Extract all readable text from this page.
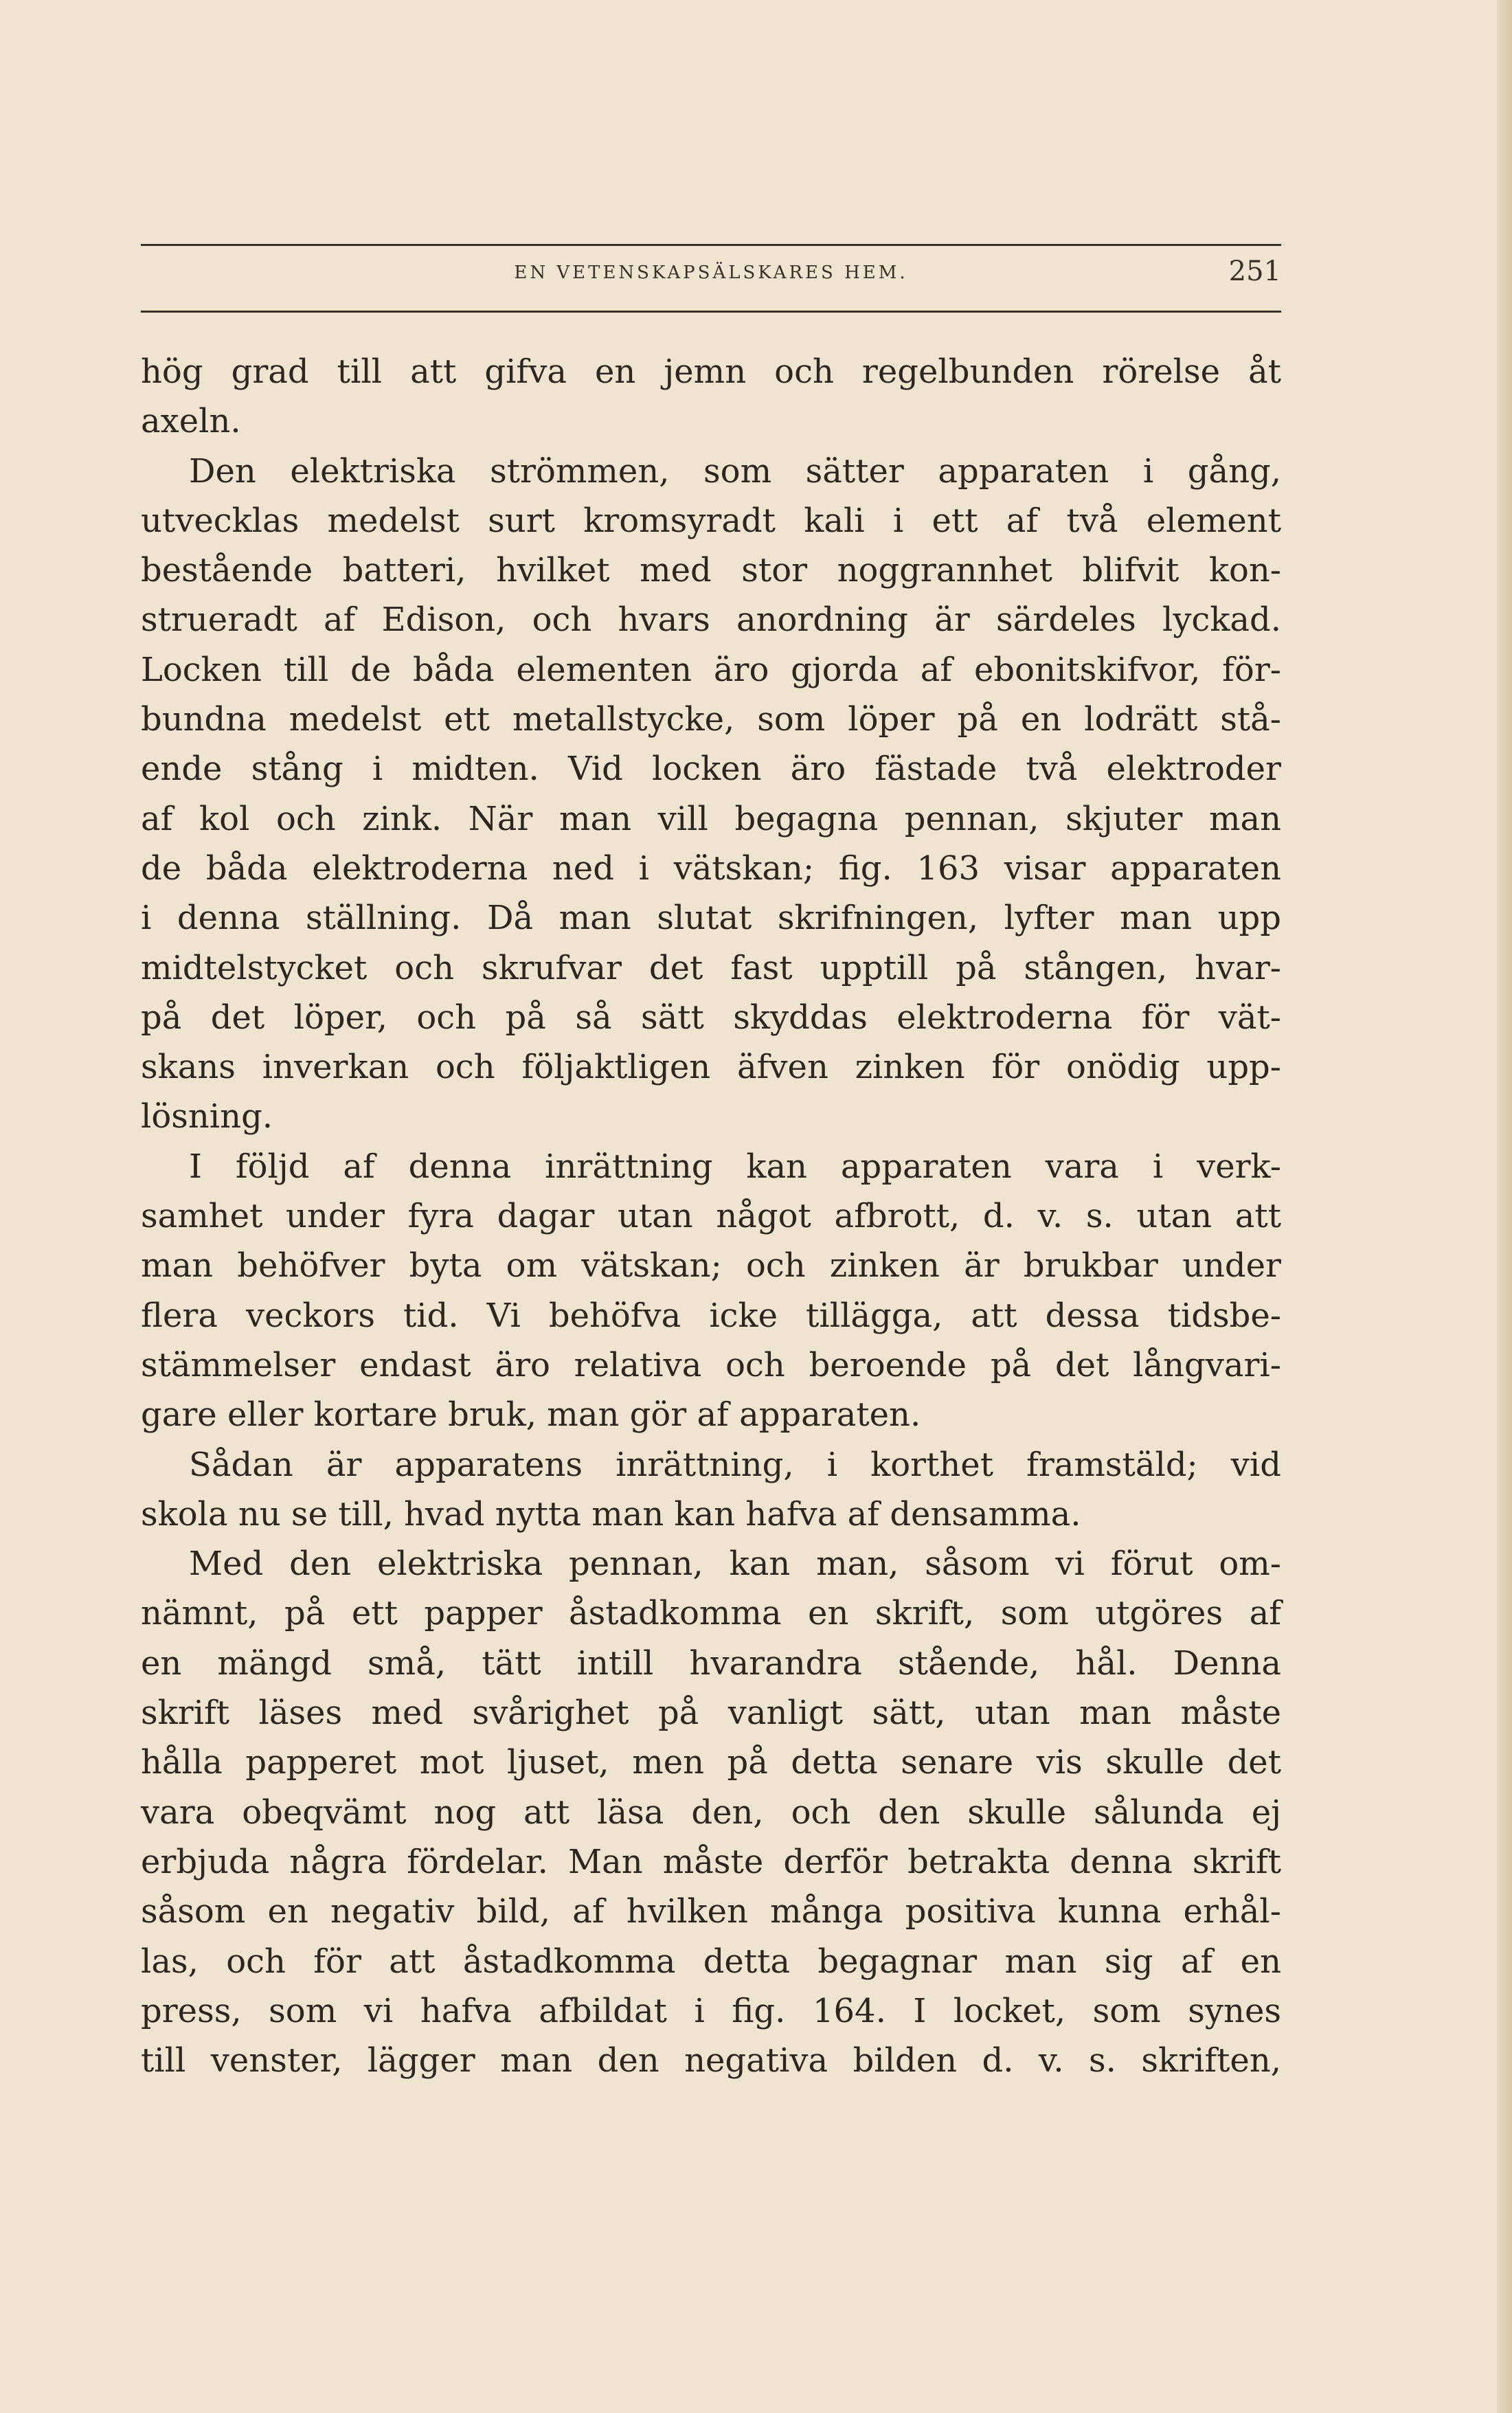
EN VETENSKAPSÄLSKARES HEM.	251
hög grad till att gifva en jemn och regelbunden rörelse åt
axeln.
Den elektriska strömmen, som sätter apparaten i gång,
utvecklas medelst surt kromsyradt kali i ett af två element
bestående batteri, hvilket med stor noggrannhet blifvit kon-
strueradt af Edison, och hvars anordning är särdeles lyckad.
Locken till de båda elementen äro gjorda af ebonitskifvor, för-
bundna medelst ett metallstycke, som löper på en lodrätt stå-
ende stång i midten. Vid locken äro fästade två elektroder
af kol och zink. När man vill begagna pennan, skjuter man
de båda elektroderna ned i vätskan; fig. 163 visar apparaten
i denna ställning. Då man slutat skrifningen, lyfter man upp
midtelstycket och skrufvar det fast upptill på stången, hvar-
på det löper, och på så sätt skyddas elektroderna för vät-
skans inverkan och följaktligen äfven zinken för onödig upp-
lösning.
I följd af denna inrättning kan apparaten vara i verk-
samhet under fyra dagar utan något afbrott, d. v. s. utan att
man behöfver byta om vätskan; och zinken är brukbar under
flera veckors tid. Vi behöfva icke tillägga, att dessa tidsbe-
stämmelser endast äro relativa och beroende på det långvari-
gare eller kortare bruk, man gör af apparaten.
Sådan är apparatens inrättning, i korthet framstäld; vid
skola nu se till, hvad nytta man kan hafva af densamma.
Med den elektriska pennan, kan man, såsom vi förut om-
nämnt, på ett papper åstadkomma en skrift, som utgöres af
en mängd små, tätt intill hvarandra stående, hål. Denna
skrift läses med svårighet på vanligt sätt, utan man måste
hålla papperet mot ljuset, men på detta senare vis skulle det
vara obeqvämt nog att läsa den, och den skulle sålunda ej
erbjuda några fördelar. Man måste derför betrakta denna skrift
såsom en negativ bild, af hvilken många positiva kunna erhål-
las, och för att åstadkomma detta begagnar man sig af en
press, som vi hafva afbildat i fig. 164. I locket, som synes
till venster, lägger man den negativa bilden d. v. s. skriften,
